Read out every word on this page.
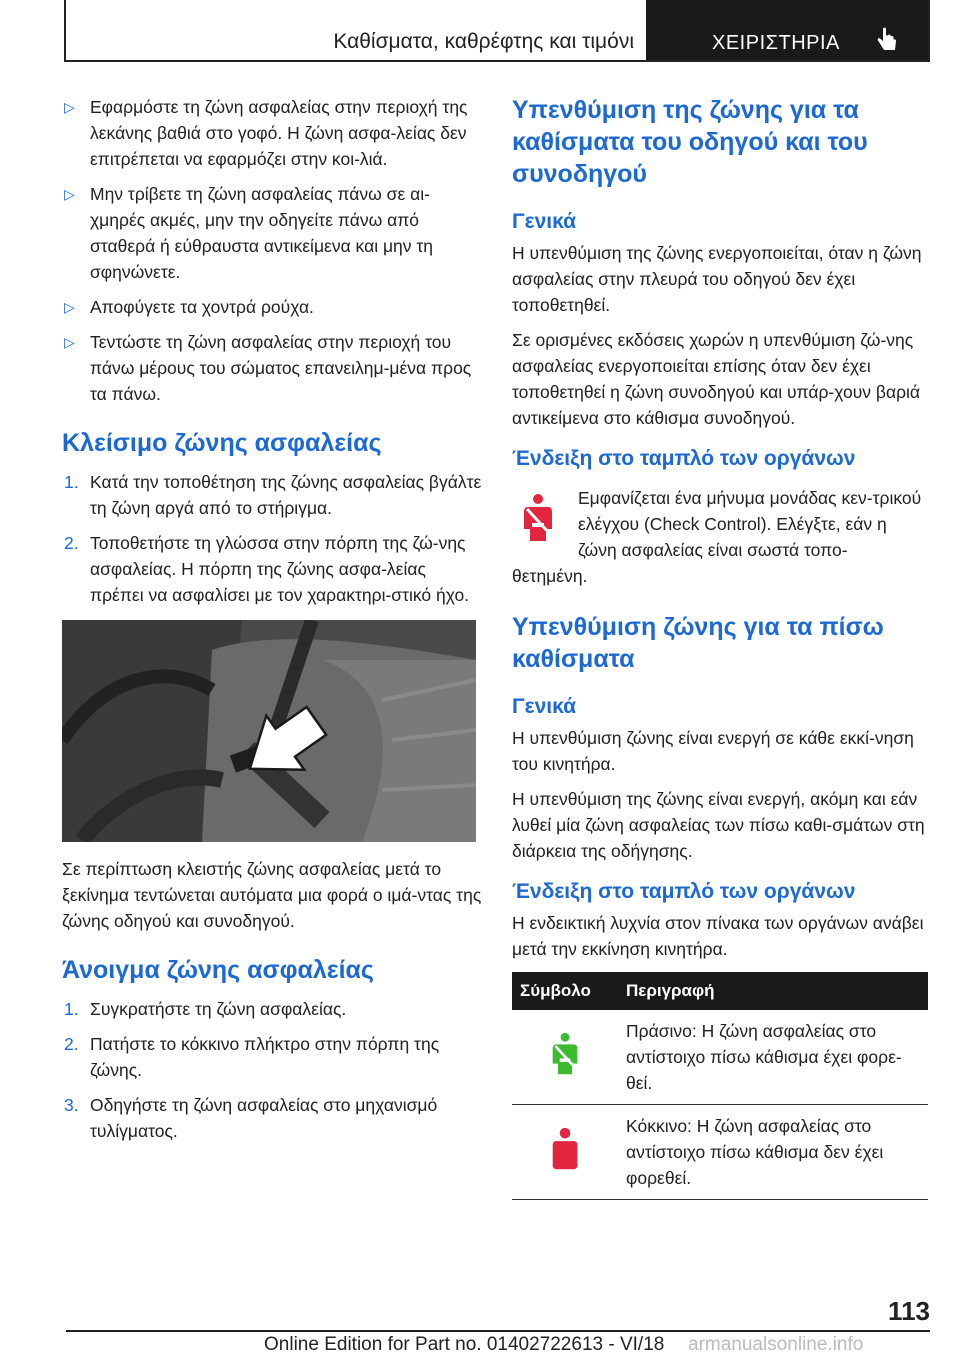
Καθίσματα, καθρέφτης και τιμόνι	ΧΕΙΡΙΣΤΗΡΙΑ
▷ Εφαρμόστε τη ζώνη ασφαλείας στην περιοχή της λεκάνης βαθιά στο γοφό. Η ζώνη ασφα-λείας δεν επιτρέπεται να εφαρμόζει στην κοι-λιά.
▷ Μην τρίβετε τη ζώνη ασφαλείας πάνω σε αι-χμηρές ακμές, μην την οδηγείτε πάνω από σταθερά ή εύθραυστα αντικείμενα και μην τη σφηνώνετε.
▷ Αποφύγετε τα χοντρά ρούχα.
▷ Τεντώστε τη ζώνη ασφαλείας στην περιοχή του πάνω μέρους του σώματος επανειλημ-μένα προς τα πάνω.
Κλείσιμο ζώνης ασφαλείας
1. Κατά την τοποθέτηση της ζώνης ασφαλείας βγάλτε τη ζώνη αργά από το στήριγμα.
2. Τοποθετήστε τη γλώσσα στην πόρπη της ζώ-νης ασφαλείας. Η πόρπη της ζώνης ασφα-λείας πρέπει να ασφαλίσει με τον χαρακτηρι-στικό ήχο.
Σε περίπτωση κλειστής ζώνης ασφαλείας μετά το ξεκίνημα τεντώνεται αυτόματα μια φορά ο ιμά-ντας της ζώνης οδηγού και συνοδηγού.
Άνοιγμα ζώνης ασφαλείας
1. Συγκρατήστε τη ζώνη ασφαλείας.
2. Πατήστε το κόκκινο πλήκτρο στην πόρπη της ζώνης.
3. Οδηγήστε τη ζώνη ασφαλείας στο μηχανισμό τυλίγματος.
Υπενθύμιση της ζώνης για τα καθίσματα του οδηγού και του συνοδηγού
Γενικά
Η υπενθύμιση της ζώνης ενεργοποιείται, όταν η ζώνη ασφαλείας στην πλευρά του οδηγού δεν έχει τοποθετηθεί.
Σε ορισμένες εκδόσεις χωρών η υπενθύμιση ζώ-νης ασφαλείας ενεργοποιείται επίσης όταν δεν έχει τοποθετηθεί η ζώνη συνοδηγού και υπάρ-χουν βαριά αντικείμενα στο κάθισμα συνοδηγού.
Ένδειξη στο ταμπλό των οργάνων
Εμφανίζεται ένα μήνυμα μονάδας κεν-τρικού ελέγχου (Check Control). Ελέγξτε, εάν η ζώνη ασφαλείας είναι σωστά τοπο-
θετημένη.
Υπενθύμιση ζώνης για τα πίσω καθίσματα
Γενικά
Η υπενθύμιση ζώνης είναι ενεργή σε κάθε εκκί-νηση του κινητήρα.
Η υπενθύμιση της ζώνης είναι ενεργή, ακόμη και εάν λυθεί μία ζώνη ασφαλείας των πίσω καθι-σμάτων στη διάρκεια της οδήγησης.
Ένδειξη στο ταμπλό των οργάνων
Η ενδεικτική λυχνία στον πίνακα των οργάνων ανάβει μετά την εκκίνηση κινητήρα.
Σύμβολο	Περιγραφή
	Πράσινο: Η ζώνη ασφαλείας στο αντίστοιχο πίσω κάθισμα έχει φορε-θεί.
	Κόκκινο: Η ζώνη ασφαλείας στο αντίστοιχο πίσω κάθισμα δεν έχει φορεθεί.
113
Online Edition for Part no. 01402722613 - VI/18 armanualsonline.info
